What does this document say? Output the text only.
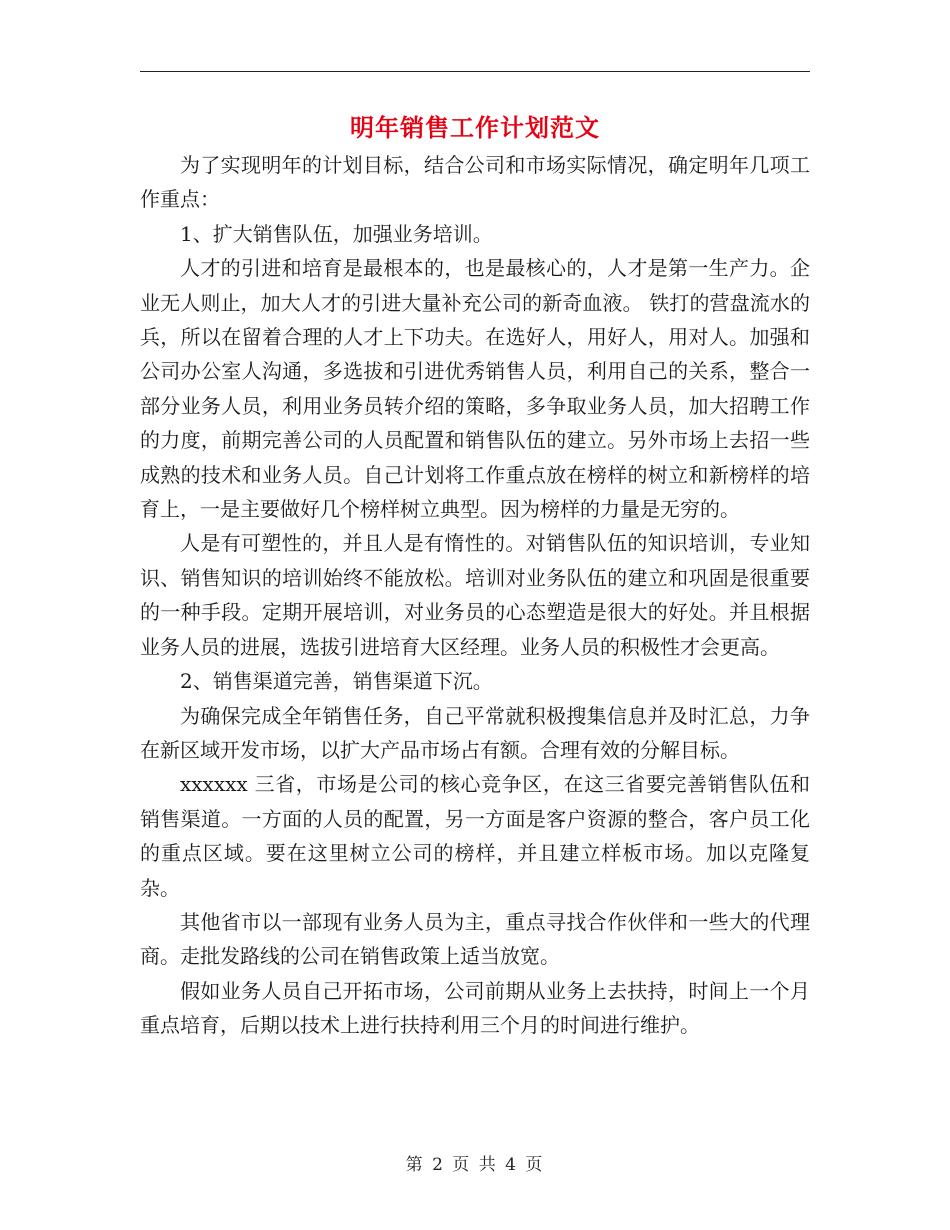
明年销售工作计划范文

为了实现明年的计划目标，结合公司和市场实际情况，确定明年几项工作重点：

1、扩大销售队伍，加强业务培训。

人才的引进和培育是最根本的，也是最核心的，人才是第一生产力。企业无人则止，加大人才的引进大量补充公司的新奇血液。 铁打的营盘流水的兵，所以在留着合理的人才上下功夫。在选好人，用好人，用对人。加强和公司办公室人沟通，多选拔和引进优秀销售人员，利用自己的关系，整合一部分业务人员，利用业务员转介绍的策略，多争取业务人员，加大招聘工作的力度，前期完善公司的人员配置和销售队伍的建立。另外市场上去招一些成熟的技术和业务人员。自己计划将工作重点放在榜样的树立和新榜样的培育上，一是主要做好几个榜样树立典型。因为榜样的力量是无穷的。

人是有可塑性的，并且人是有惰性的。对销售队伍的知识培训，专业知识、销售知识的培训始终不能放松。培训对业务队伍的建立和巩固是很重要的一种手段。定期开展培训，对业务员的心态塑造是很大的好处。并且根据业务人员的进展，选拔引进培育大区经理。业务人员的积极性才会更高。

2、销售渠道完善，销售渠道下沉。

为确保完成全年销售任务，自己平常就积极搜集信息并及时汇总，力争在新区域开发市场，以扩大产品市场占有额。合理有效的分解目标。

xxxxxx 三省，市场是公司的核心竞争区，在这三省要完善销售队伍和销售渠道。一方面的人员的配置，另一方面是客户资源的整合，客户员工化的重点区域。要在这里树立公司的榜样，并且建立样板市场。加以克隆复杂。

其他省市以一部现有业务人员为主，重点寻找合作伙伴和一些大的代理商。走批发路线的公司在销售政策上适当放宽。

假如业务人员自己开拓市场，公司前期从业务上去扶持，时间上一个月重点培育，后期以技术上进行扶持利用三个月的时间进行维护。

第 2 页 共 4 页
